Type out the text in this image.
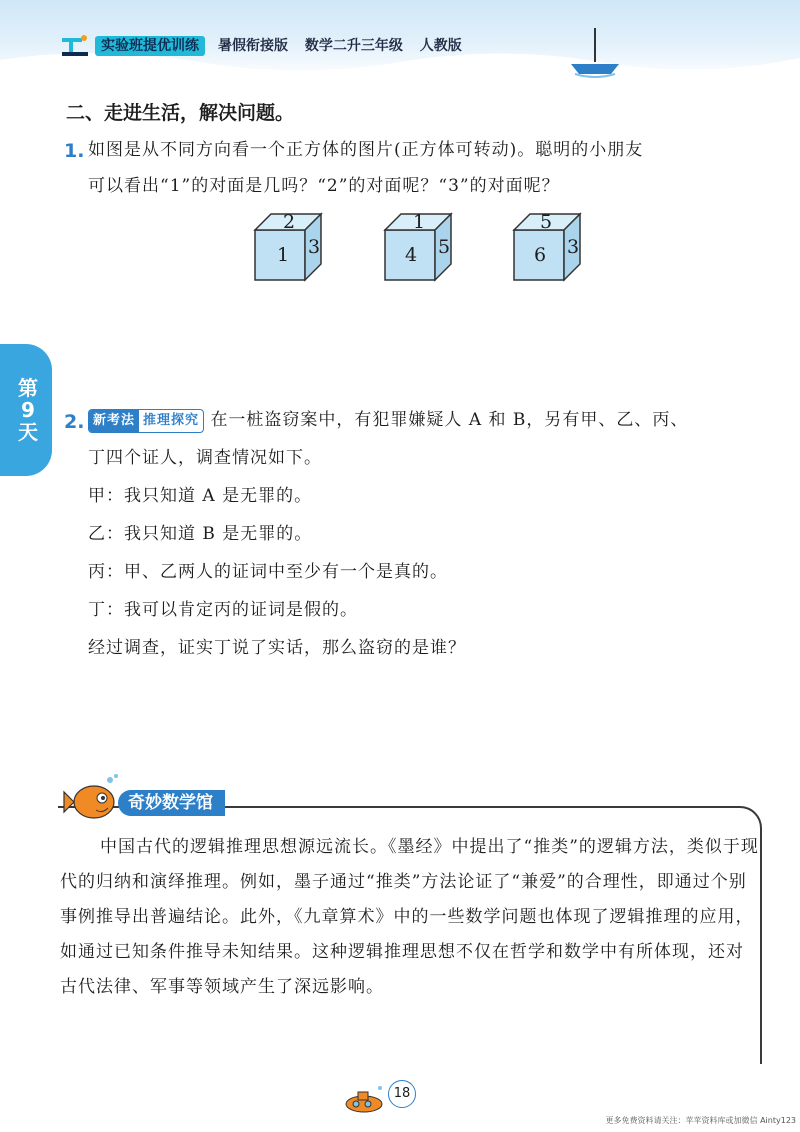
实验班提优训练	暑假衔接版 数学二升三年级 人教版
第
9
天
二、走进生活，解决问题。
1. 如图是从不同方向看一个正方体的图片(正方体可转动)。聪明的小朋友
可以看出“1”的对面是几吗？“2”的对面呢？“3”的对面呢？
1
2
3	4
1
5	6
5
3
2. 新考法 推理探究 在一桩盗窃案中，有犯罪嫌疑人 A 和 B，另有甲、乙、丙、
丁四个证人，调查情况如下。
甲：我只知道 A 是无罪的。
乙：我只知道 B 是无罪的。
丙：甲、乙两人的证词中至少有一个是真的。
丁：我可以肯定丙的证词是假的。
经过调查，证实丁说了实话，那么盗窃的是谁？
奇妙数学馆
中国古代的逻辑推理思想源远流长。《墨经》中提出了“推类”的逻辑方法，类似于现代的归纳和演绎推理。例如，墨子通过“推类”方法论证了“兼爱”的合理性，即通过个别事例推导出普遍结论。此外，《九章算术》中的一些数学问题也体现了逻辑推理的应用，如通过已知条件推导未知结果。这种逻辑推理思想不仅在哲学和数学中有所体现，还对古代法律、军事等领域产生了深远影响。
18
更多免费资料请关注：苹苹资料库或加微信 Ainty123
